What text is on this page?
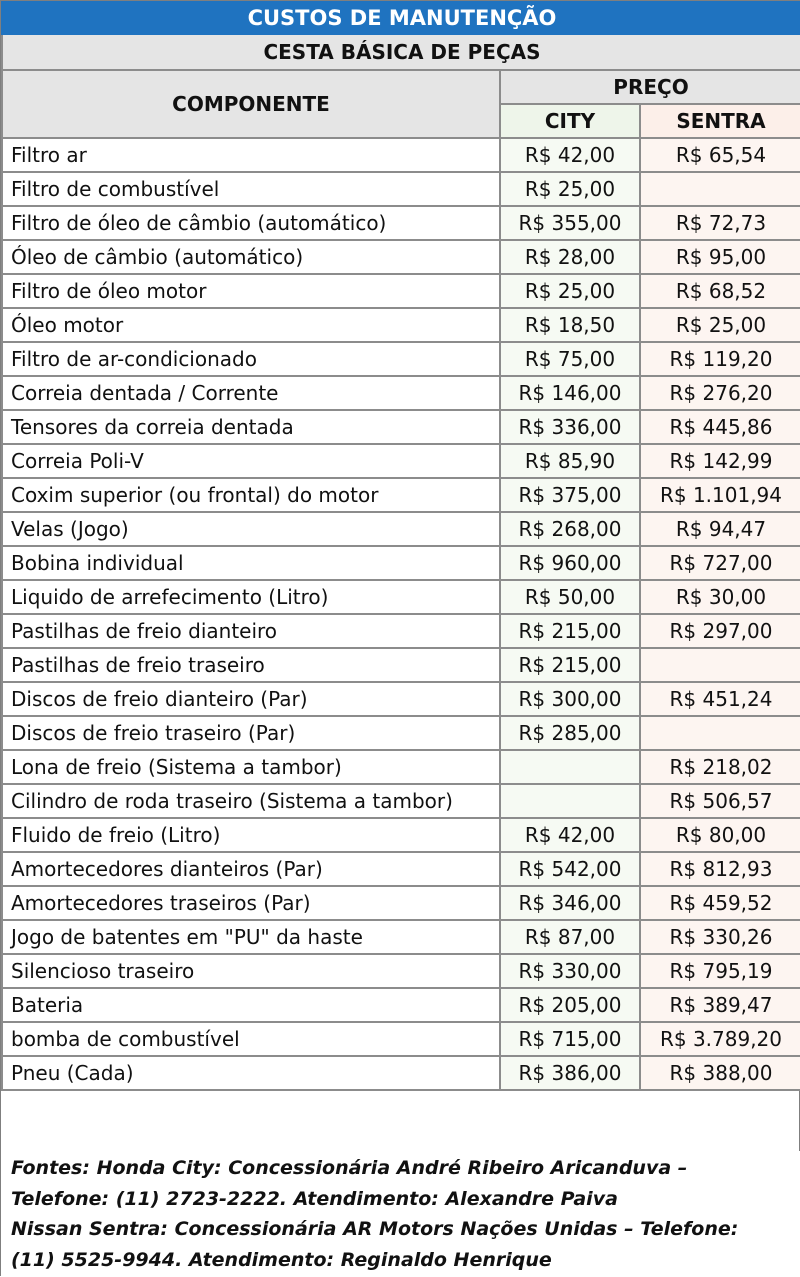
CUSTOS DE MANUTENÇÃO		
CESTA BÁSICA DE PEÇAS		
COMPONENTE	PREÇO	
	CITY	SENTRA
Filtro ar	R$ 42,00	R$ 65,54
Filtro de combustível	R$ 25,00	
Filtro de óleo de câmbio (automático)	R$ 355,00	R$ 72,73
Óleo de câmbio (automático)	R$ 28,00	R$ 95,00
Filtro de óleo motor	R$ 25,00	R$ 68,52
Óleo motor	R$ 18,50	R$ 25,00
Filtro de ar-condicionado	R$ 75,00	R$ 119,20
Correia dentada / Corrente	R$ 146,00	R$ 276,20
Tensores da correia dentada	R$ 336,00	R$ 445,86
Correia Poli-V	R$ 85,90	R$ 142,99
Coxim superior (ou frontal) do motor	R$ 375,00	R$ 1.101,94
Velas (Jogo)	R$ 268,00	R$ 94,47
Bobina individual	R$ 960,00	R$ 727,00
Liquido de arrefecimento (Litro)	R$ 50,00	R$ 30,00
Pastilhas de freio dianteiro	R$ 215,00	R$ 297,00
Pastilhas de freio traseiro	R$ 215,00	
Discos de freio dianteiro (Par)	R$ 300,00	R$ 451,24
Discos de freio traseiro (Par)	R$ 285,00	
Lona de freio (Sistema a tambor)		R$ 218,02
Cilindro de roda traseiro (Sistema a tambor)		R$ 506,57
Fluido de freio (Litro)	R$ 42,00	R$ 80,00
Amortecedores dianteiros (Par)	R$ 542,00	R$ 812,93
Amortecedores traseiros (Par)	R$ 346,00	R$ 459,52
Jogo de batentes em "PU" da haste	R$ 87,00	R$ 330,26
Silencioso traseiro	R$ 330,00	R$ 795,19
Bateria	R$ 205,00	R$ 389,47
bomba de combustível	R$ 715,00	R$ 3.789,20
Pneu (Cada)	R$ 386,00	R$ 388,00
Fontes: Honda City: Concessionária André Ribeiro Aricanduva –
Telefone: (11) 2723-2222. Atendimento: Alexandre Paiva
Nissan Sentra: Concessionária AR Motors Nações Unidas – Telefone:
(11) 5525-9944. Atendimento: Reginaldo Henrique
